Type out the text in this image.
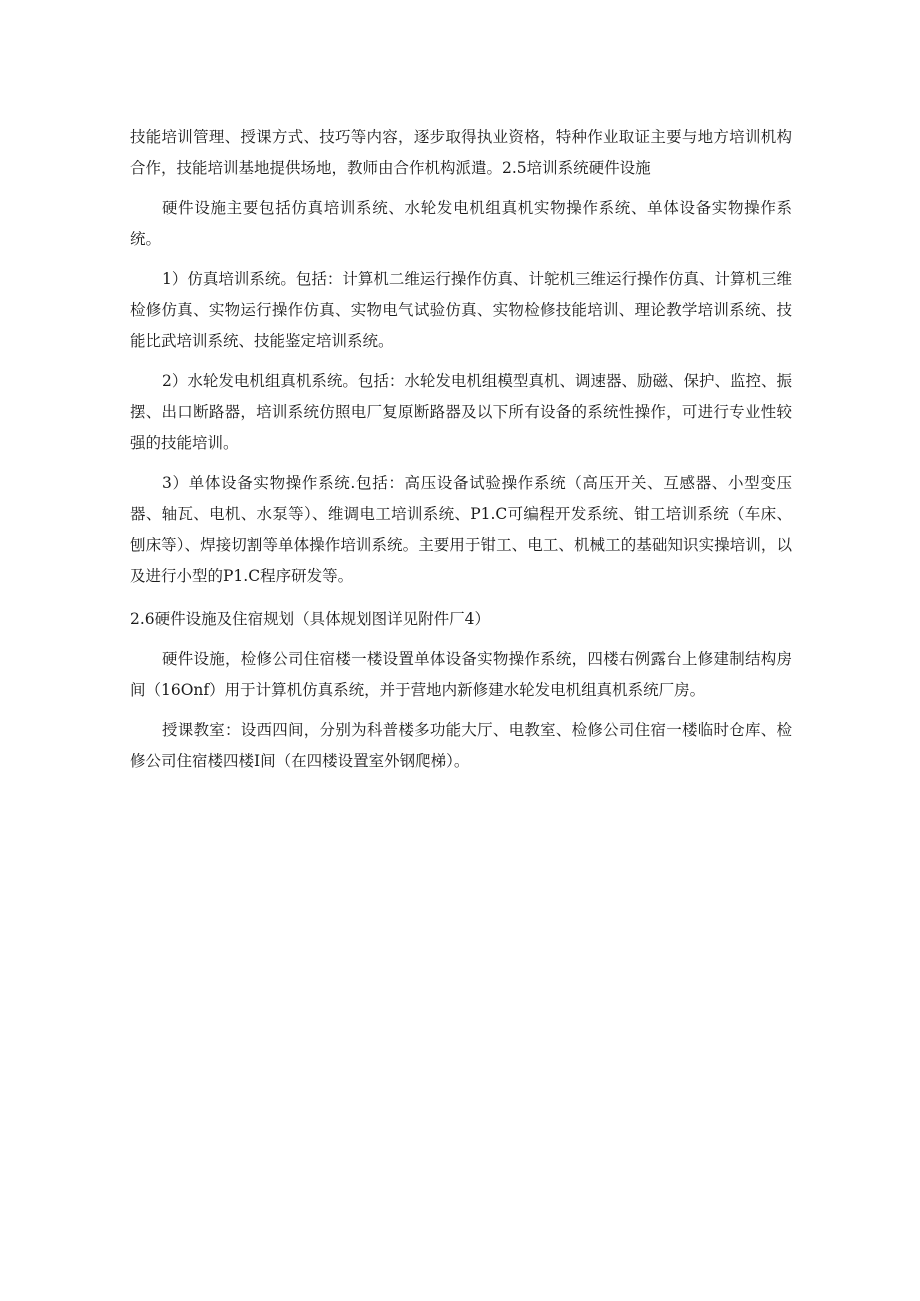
技能培训管理、授课方式、技巧等内容，逐步取得执业资格，特种作业取证主要与地方培训机构合作，技能培训基地提供场地，教师由合作机构派遣。2.5培训系统硬件设施

硬件设施主要包括仿真培训系统、水轮发电机组真机实物操作系统、单体设备实物操作系统。

1）仿真培训系统。包括：计算机二维运行操作仿真、计鸵机三维运行操作仿真、计算机三维检修仿真、实物运行操作仿真、实物电气试验仿真、实物检修技能培训、理论教学培训系统、技能比武培训系统、技能鉴定培训系统。

2）水轮发电机组真机系统。包括：水轮发电机组模型真机、调速器、励磁、保护、监控、振摆、出口断路器，培训系统仿照电厂复原断路器及以下所有设备的系统性操作，可进行专业性较强的技能培训。

3）单体设备实物操作系统.包括：高压设备试验操作系统（高压开关、互感器、小型变压器、轴瓦、电机、水泵等）、维调电工培训系统、P1.C可编程开发系统、钳工培训系统（车床、刨床等）、焊接切割等单体操作培训系统。主要用于钳工、电工、机械工的基础知识实操培训，以及进行小型的P1.C程序研发等。

2.6硬件设施及住宿规划（具体规划图详见附件厂4）

硬件设施，检修公司住宿楼一楼设置单体设备实物操作系统，四楼右例露台上修建制结构房间（16Onf）用于计算机仿真系统，并于营地内新修建水轮发电机组真机系统厂房。

授课教室：设西四间，分别为科普楼多功能大厅、电教室、检修公司住宿一楼临时仓库、检修公司住宿楼四楼I间（在四楼设置室外钢爬梯）。
